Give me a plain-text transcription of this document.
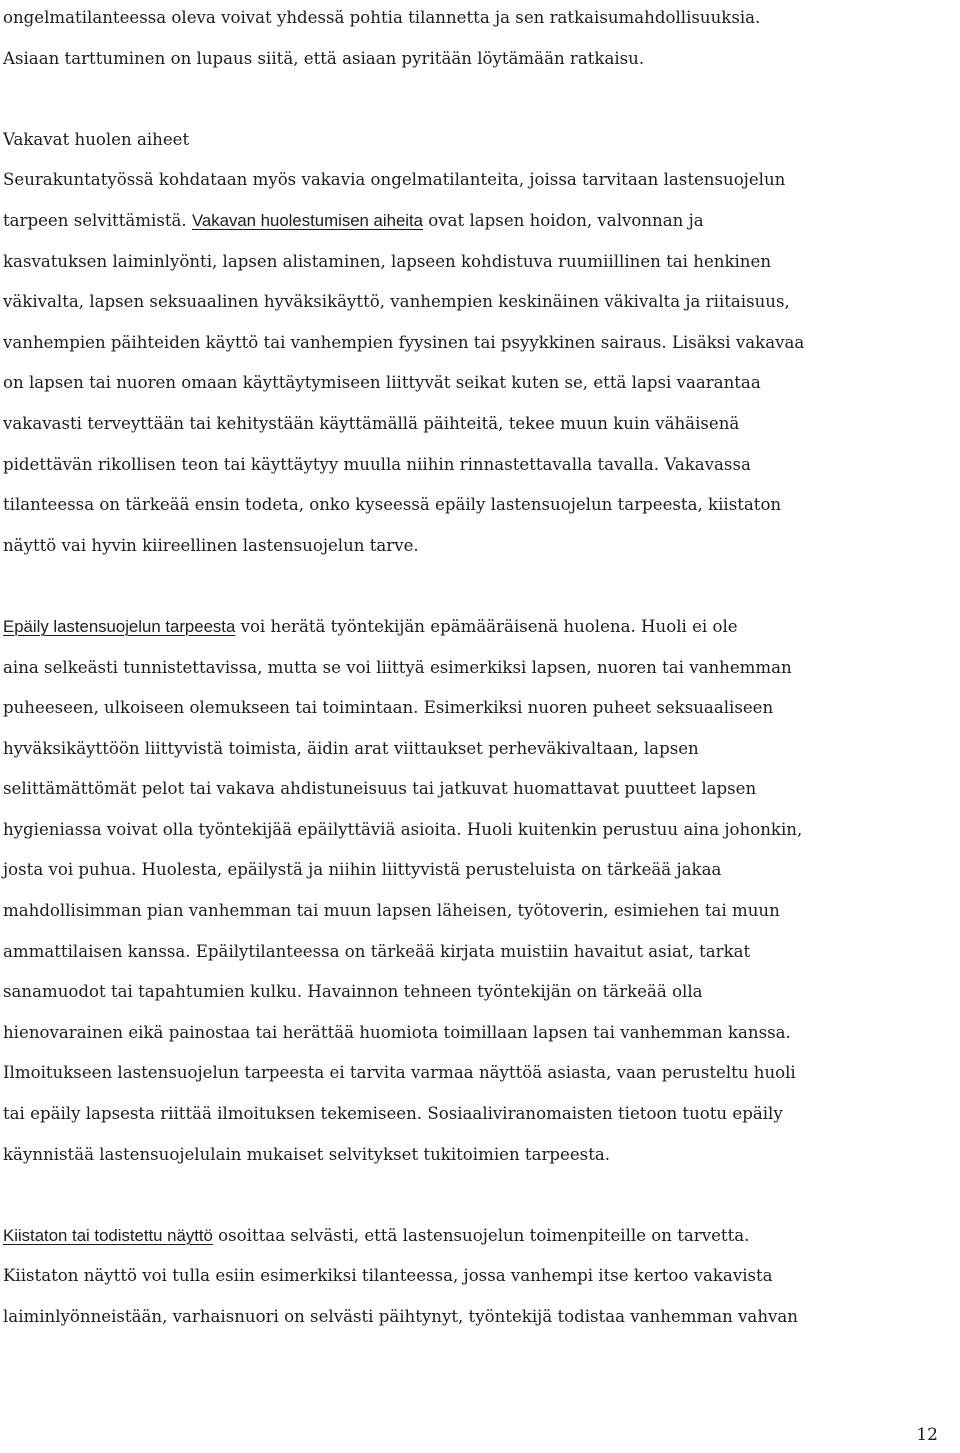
ongelmatilanteessa oleva voivat yhdessä pohtia tilannetta ja sen ratkaisumahdollisuuksia.
Asiaan tarttuminen on lupaus siitä, että asiaan pyritään löytämään ratkaisu.
Vakavat huolen aiheet
Seurakuntatyössä kohdataan myös vakavia ongelmatilanteita, joissa tarvitaan lastensuojelun
tarpeen selvittämistä. Vakavan huolestumisen aiheita ovat lapsen hoidon, valvonnan ja
kasvatuksen laiminlyönti, lapsen alistaminen, lapseen kohdistuva ruumiillinen tai henkinen
väkivalta, lapsen seksuaalinen hyväksikäyttö, vanhempien keskinäinen väkivalta ja riitaisuus,
vanhempien päihteiden käyttö tai vanhempien fyysinen tai psyykkinen sairaus. Lisäksi vakavaa
on lapsen tai nuoren omaan käyttäytymiseen liittyvät seikat kuten se, että lapsi vaarantaa
vakavasti terveyttään tai kehitystään käyttämällä päihteitä, tekee muun kuin vähäisenä
pidettävän rikollisen teon tai käyttäytyy muulla niihin rinnastettavalla tavalla. Vakavassa
tilanteessa on tärkeää ensin todeta, onko kyseessä epäily lastensuojelun tarpeesta, kiistaton
näyttö vai hyvin kiireellinen lastensuojelun tarve.
Epäily lastensuojelun tarpeesta voi herätä työntekijän epämääräisenä huolena. Huoli ei ole
aina selkeästi tunnistettavissa, mutta se voi liittyä esimerkiksi lapsen, nuoren tai vanhemman
puheeseen, ulkoiseen olemukseen tai toimintaan. Esimerkiksi nuoren puheet seksuaaliseen
hyväksikäyttöön liittyvistä toimista, äidin arat viittaukset perheväkivaltaan, lapsen
selittämättömät pelot tai vakava ahdistuneisuus tai jatkuvat huomattavat puutteet lapsen
hygieniassa voivat olla työntekijää epäilyttäviä asioita. Huoli kuitenkin perustuu aina johonkin,
josta voi puhua. Huolesta, epäilystä ja niihin liittyvistä perusteluista on tärkeää jakaa
mahdollisimman pian vanhemman tai muun lapsen läheisen, työtoverin, esimiehen tai muun
ammattilaisen kanssa. Epäilytilanteessa on tärkeää kirjata muistiin havaitut asiat, tarkat
sanamuodot tai tapahtumien kulku. Havainnon tehneen työntekijän on tärkeää olla
hienovarainen eikä painostaa tai herättää huomiota toimillaan lapsen tai vanhemman kanssa.
Ilmoitukseen lastensuojelun tarpeesta ei tarvita varmaa näyttöä asiasta, vaan perusteltu huoli
tai epäily lapsesta riittää ilmoituksen tekemiseen. Sosiaaliviranomaisten tietoon tuotu epäily
käynnistää lastensuojelulain mukaiset selvitykset tukitoimien tarpeesta.
Kiistaton tai todistettu näyttö osoittaa selvästi, että lastensuojelun toimenpiteille on tarvetta.
Kiistaton näyttö voi tulla esiin esimerkiksi tilanteessa, jossa vanhempi itse kertoo vakavista
laiminlyönneistään, varhaisnuori on selvästi päihtynyt, työntekijä todistaa vanhemman vahvan
12
